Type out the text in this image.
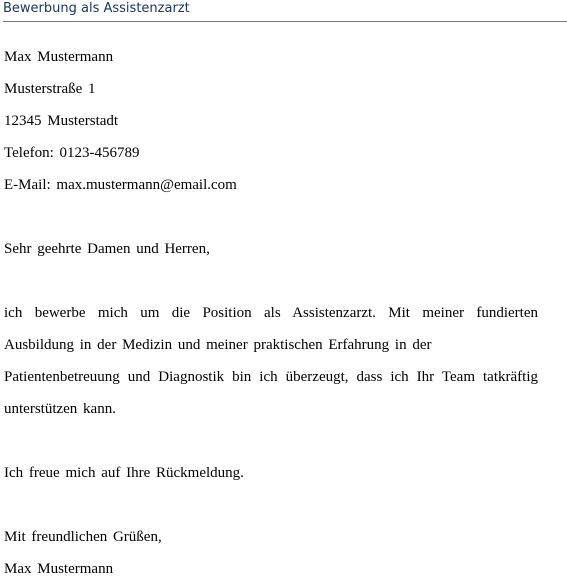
Bewerbung als Assistenzarzt
Max Mustermann
Musterstraße 1
12345 Musterstadt
Telefon: 0123-456789
E-Mail: max.mustermann@email.com
Sehr geehrte Damen und Herren,
ich bewerbe mich um die Position als Assistenzarzt. Mit meiner fundierten
Ausbildung in der Medizin und meiner praktischen Erfahrung in der
Patientenbetreuung und Diagnostik bin ich überzeugt, dass ich Ihr Team tatkräftig
unterstützen kann.
Ich freue mich auf Ihre Rückmeldung.
Mit freundlichen Grüßen,
Max Mustermann
